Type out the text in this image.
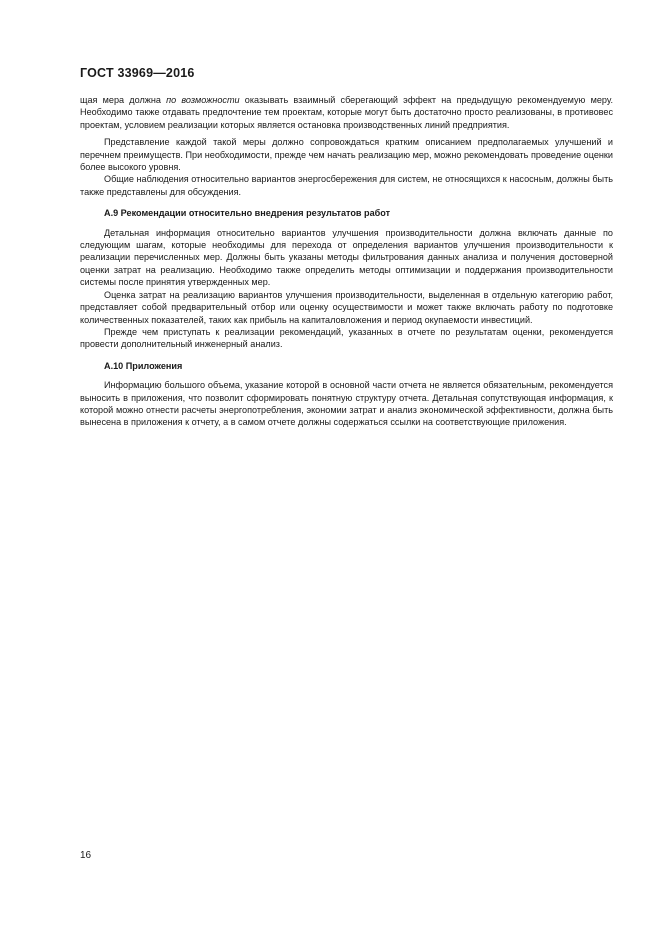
ГОСТ 33969—2016

щая мера должна по возможности оказывать взаимный сберегающий эффект на предыдущую рекомендуемую меру. Необходимо также отдавать предпочтение тем проектам, которые могут быть достаточно просто реализованы, в противовес проектам, условием реализации которых является остановка производственных линий предприятия.

Представление каждой такой меры должно сопровождаться кратким описанием предполагаемых улучшений и перечнем преимуществ. При необходимости, прежде чем начать реализацию мер, можно рекомендовать проведение оценки более высокого уровня.

Общие наблюдения относительно вариантов энергосбережения для систем, не относящихся к насосным, должны быть также представлены для обсуждения.

А.9 Рекомендации относительно внедрения результатов работ

Детальная информация относительно вариантов улучшения производительности должна включать данные по следующим шагам, которые необходимы для перехода от определения вариантов улучшения производительности к реализации перечисленных мер. Должны быть указаны методы фильтрования данных анализа и получения достоверной оценки затрат на реализацию. Необходимо также определить методы оптимизации и поддержания производительности системы после принятия утвержденных мер.

Оценка затрат на реализацию вариантов улучшения производительности, выделенная в отдельную категорию работ, представляет собой предварительный отбор или оценку осуществимости и может также включать работу по подготовке количественных показателей, таких как прибыль на капиталовложения и период окупаемости инвестиций.

Прежде чем приступать к реализации рекомендаций, указанных в отчете по результатам оценки, рекомендуется провести дополнительный инженерный анализ.

А.10 Приложения

Информацию большого объема, указание которой в основной части отчета не является обязательным, рекомендуется выносить в приложения, что позволит сформировать понятную структуру отчета. Детальная сопутствующая информация, к которой можно отнести расчеты энергопотребления, экономии затрат и анализ экономической эффективности, должна быть вынесена в приложения к отчету, а в самом отчете должны содержаться ссылки на соответствующие приложения.

16
